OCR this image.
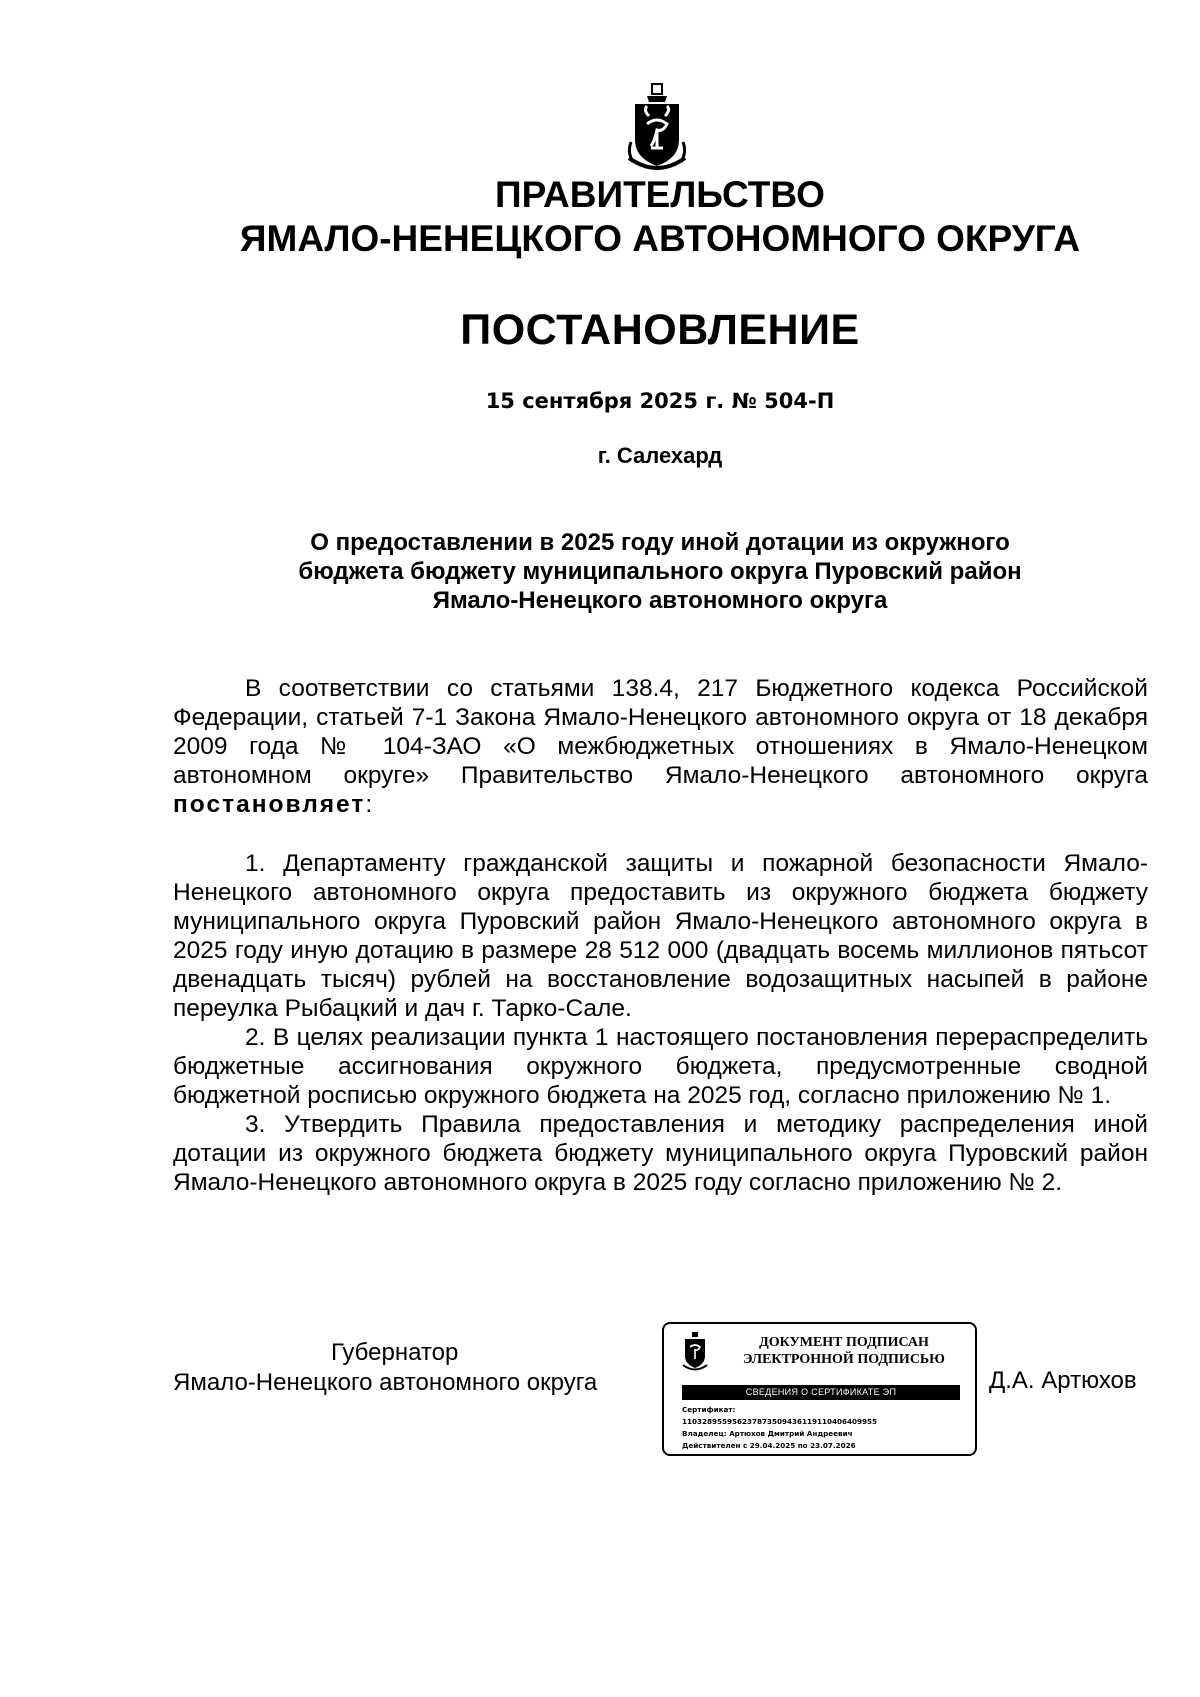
ПРАВИТЕЛЬСТВО
ЯМАЛО-НЕНЕЦКОГО АВТОНОМНОГО ОКРУГА
ПОСТАНОВЛЕНИЕ
15 сентября 2025 г. № 504-П
г. Салехард
О предоставлении в 2025 году иной дотации из окружного
бюджета бюджету муниципального округа Пуровский район
Ямало-Ненецкого автономного округа

В соответствии со статьями 138.4, 217 Бюджетного кодекса Российской Федерации, статьей 7-1 Закона Ямало-Ненецкого автономного округа от 18 декабря 2009 года № 104-ЗАО «О межбюджетных отношениях в Ямало-Ненецком автономном округе» Правительство Ямало-Ненецкого автономного округа постановляет:

1. Департаменту гражданской защиты и пожарной безопасности Ямало-Ненецкого автономного округа предоставить из окружного бюджета бюджету муниципального округа Пуровский район Ямало-Ненецкого автономного округа в 2025 году иную дотацию в размере 28 512 000 (двадцать восемь миллионов пятьсот двенадцать тысяч) рублей на восстановление водозащитных насыпей в районе переулка Рыбацкий и дач г. Тарко-Сале.

2. В целях реализации пункта 1 настоящего постановления перераспределить бюджетные ассигнования окружного бюджета, предусмотренные сводной бюджетной росписью окружного бюджета на 2025 год, согласно приложению № 1.

3. Утвердить Правила предоставления и методику распределения иной дотации из окружного бюджета бюджету муниципального округа Пуровский район Ямало-Ненецкого автономного округа в 2025 году согласно приложению № 2.

Губернатор
Ямало-Ненецкого автономного округа
ДОКУМЕНТ ПОДПИСАН
ЭЛЕКТРОННОЙ ПОДПИСЬЮ
СВЕДЕНИЯ О СЕРТИФИКАТЕ ЭП
Сертификат:
110328955956237873509436119110406409955
Владелец: Артюхов Дмитрий Андреевич
Действителен с 29.04.2025 по 23.07.2026
Д.А. Артюхов
